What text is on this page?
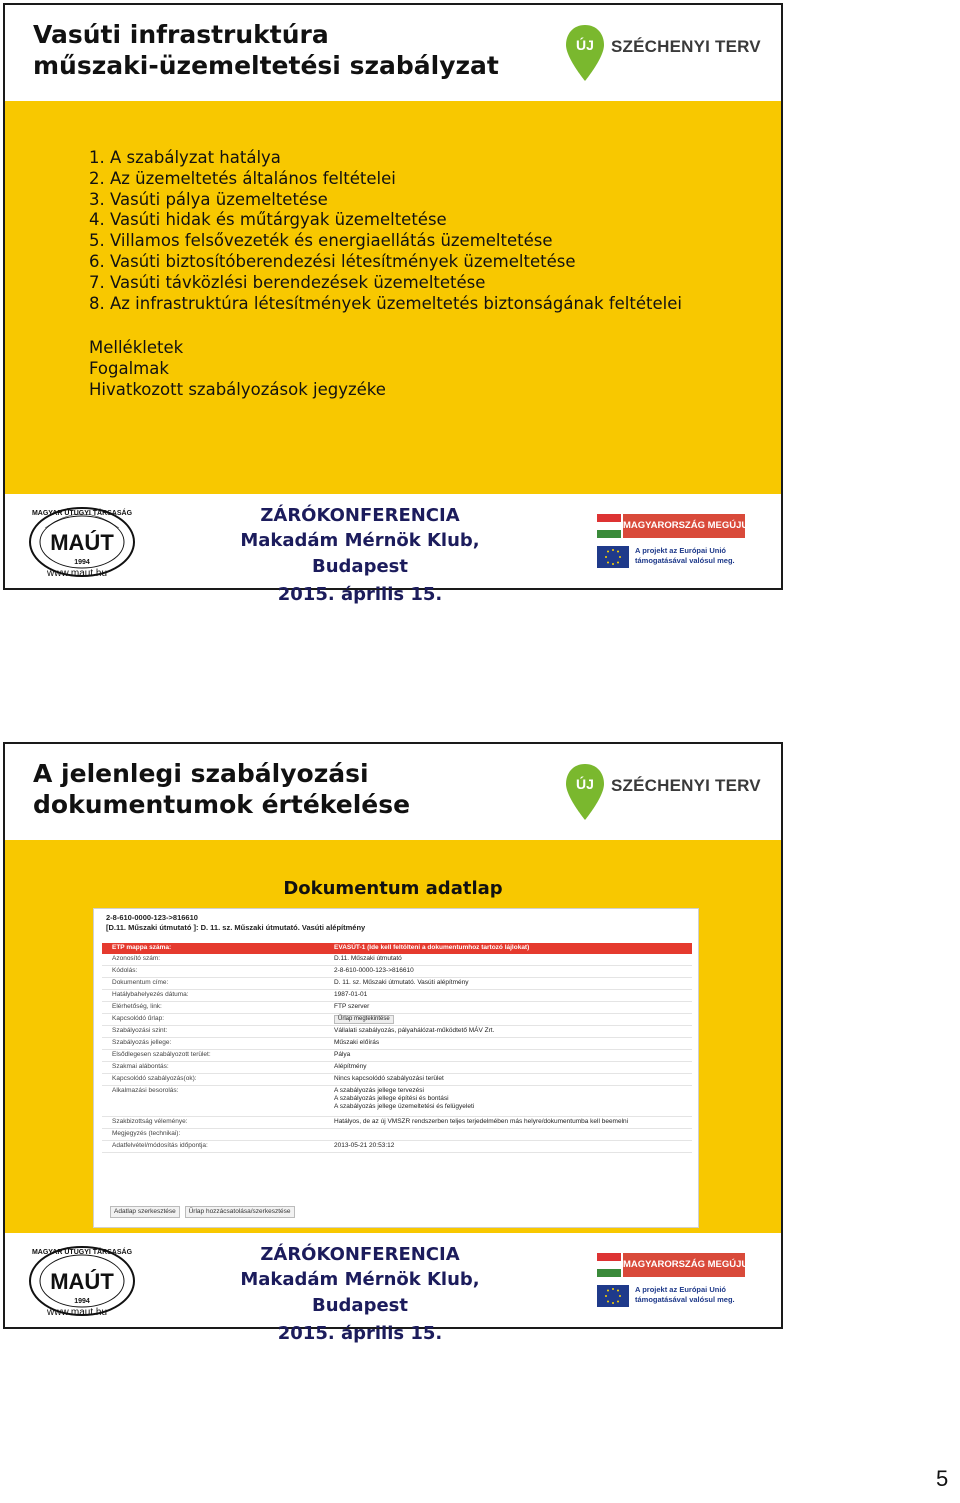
Vasúti infrastruktúra
műszaki-üzemeltetési szabályzat
ÚJ SZÉCHENYI TERV
1. A szabályzat hatálya
2. Az üzemeltetés általános feltételei
3. Vasúti pálya üzemeltetése
4. Vasúti hidak és műtárgyak üzemeltetése
5. Villamos felsővezeték és energiaellátás üzemeltetése
6. Vasúti biztosítóberendezési létesítmények üzemeltetése
7. Vasúti távközlési berendezések üzemeltetése
8. Az infrastruktúra létesítmények üzemeltetés biztonságának feltételei
Mellékletek
Fogalmak
Hivatkozott szabályozások jegyzéke
MAGYAR ÚTÜGYI TÁRSASÁG
MAÚT
1994
www.maut.hu
ZÁRÓKONFERENCIA
Makadám Mérnök Klub, Budapest
2015. április 15.
MAGYARORSZÁG MEGÚJUL
A projekt az Európai Unió
támogatásával valósul meg.
A jelenlegi szabályozási
dokumentumok értékelése
ÚJ SZÉCHENYI TERV
Dokumentum adatlap
2-8-610-0000-123->816610
[D.11. Műszaki útmutató ]: D. 11. sz. Műszaki útmutató. Vasúti alépítmény
ETP mappa száma:	EVASÚT-1 (Ide kell feltölteni a dokumentumhoz tartozó lájlokat)
Azonosító szám:	D.11. Műszaki útmutató
Kódolás:	2-8-610-0000-123->816610
Dokumentum címe:	D. 11. sz. Műszaki útmutató. Vasúti alépítmény
Hatálybahelyezés dátuma:	1987-01-01
Elérhetőség, link:	FTP szerver
Kapcsolódó űrlap:	Űrlap megtekintése
Szabályozási szint:	Vállalati szabályozás, pályahálózat-működtető MÁV Zrt.
Szabályozás jellege:	Műszaki előírás
Elsődlegesen szabályozott terület:	Pálya
Szakmai alábontás:	Alépítmény
Kapcsolódó szabályozás(ok):	Nincs kapcsolódó szabályozási terület
Alkalmazási besorolás:	A szabályozás jellege tervezési
A szabályozás jellege építési és bontási
A szabályozás jellege üzemeltetési és felügyeleti
Szakbizottság véleménye:	Hatályos, de az új VMSZR rendszerben teljes terjedelmében más helyre/dokumentumba kell beemelni
Megjegyzés (technikai):
Adatfelvétel/módosítás időpontja:	2013-05-21 20:53:12
Adatlap szerkesztése Űrlap hozzácsatolása/szerkesztése
MAGYAR ÚTÜGYI TÁRSASÁG
MAÚT
1994
www.maut.hu
ZÁRÓKONFERENCIA
Makadám Mérnök Klub, Budapest
2015. április 15.
MAGYARORSZÁG MEGÚJUL
A projekt az Európai Unió
támogatásával valósul meg.
5
